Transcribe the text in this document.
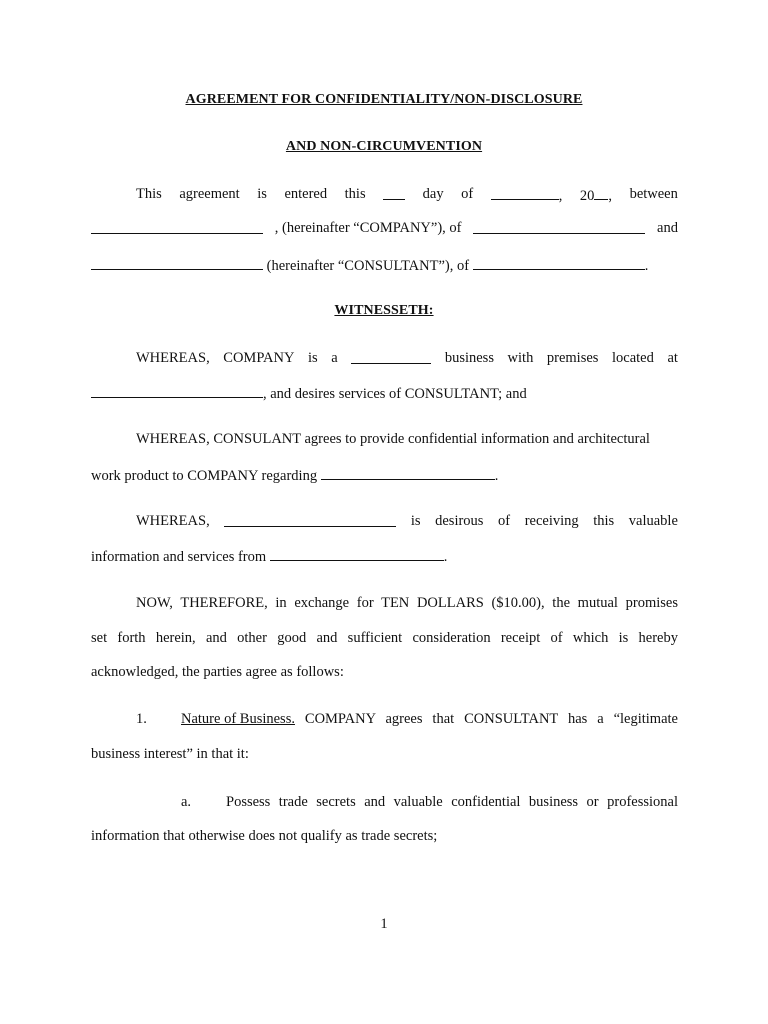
AGREEMENT FOR CONFIDENTIALITY/NON-DISCLOSURE
AND NON-CIRCUMVENTION
This agreement is entered this	day of	, 20 , between
, (hereinafter “COMPANY”), of	and
(hereinafter “CONSULTANT”), of	.
WITNESSETH:
WHEREAS, COMPANY is a	business with premises located at
, and desires services of CONSULTANT; and
WHEREAS, CONSULANT agrees to provide confidential information and architectural
work product to COMPANY regarding	.
WHEREAS,	is desirous of receiving this valuable
information and services from	.
NOW, THEREFORE, in exchange for TEN DOLLARS ($10.00), the mutual promises
set forth herein, and other good and sufficient consideration receipt of which is hereby
acknowledged, the parties agree as follows:
1.	Nature of Business. COMPANY agrees that CONSULTANT has a “legitimate
business interest” in that it:
a.	Possess trade secrets and valuable confidential business or professional
information that otherwise does not qualify as trade secrets;
1
